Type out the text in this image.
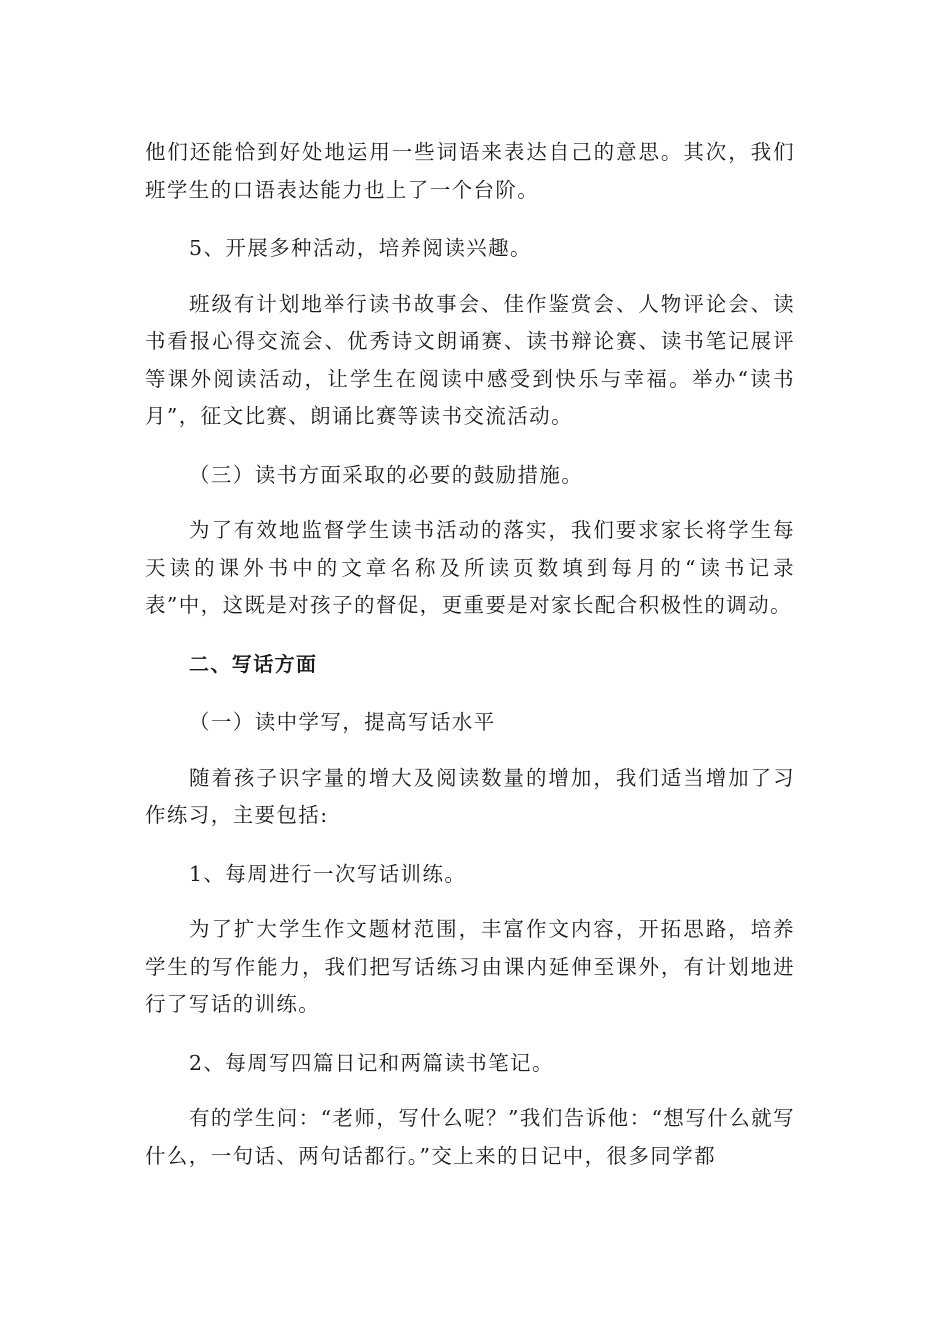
他们还能恰到好处地运用一些词语来表达自己的意思。其次，我们班学生的口语表达能力也上了一个台阶。

5、开展多种活动，培养阅读兴趣。

班级有计划地举行读书故事会、佳作鉴赏会、人物评论会、读书看报心得交流会、优秀诗文朗诵赛、读书辩论赛、读书笔记展评等课外阅读活动，让学生在阅读中感受到快乐与幸福。举办“读书月”，征文比赛、朗诵比赛等读书交流活动。

（三）读书方面采取的必要的鼓励措施。

为了有效地监督学生读书活动的落实，我们要求家长将学生每天读的课外书中的文章名称及所读页数填到每月的“读书记录表”中，这既是对孩子的督促，更重要是对家长配合积极性的调动。

二、写话方面

（一）读中学写，提高写话水平

随着孩子识字量的增大及阅读数量的增加，我们适当增加了习作练习，主要包括:

1、每周进行一次写话训练。

为了扩大学生作文题材范围，丰富作文内容，开拓思路，培养学生的写作能力，我们把写话练习由课内延伸至课外，有计划地进行了写话的训练。

2、每周写四篇日记和两篇读书笔记。

有的学生问：“老师，写什么呢？”我们告诉他：“想写什么就写什么，一句话、两句话都行。”交上来的日记中，很多同学都
